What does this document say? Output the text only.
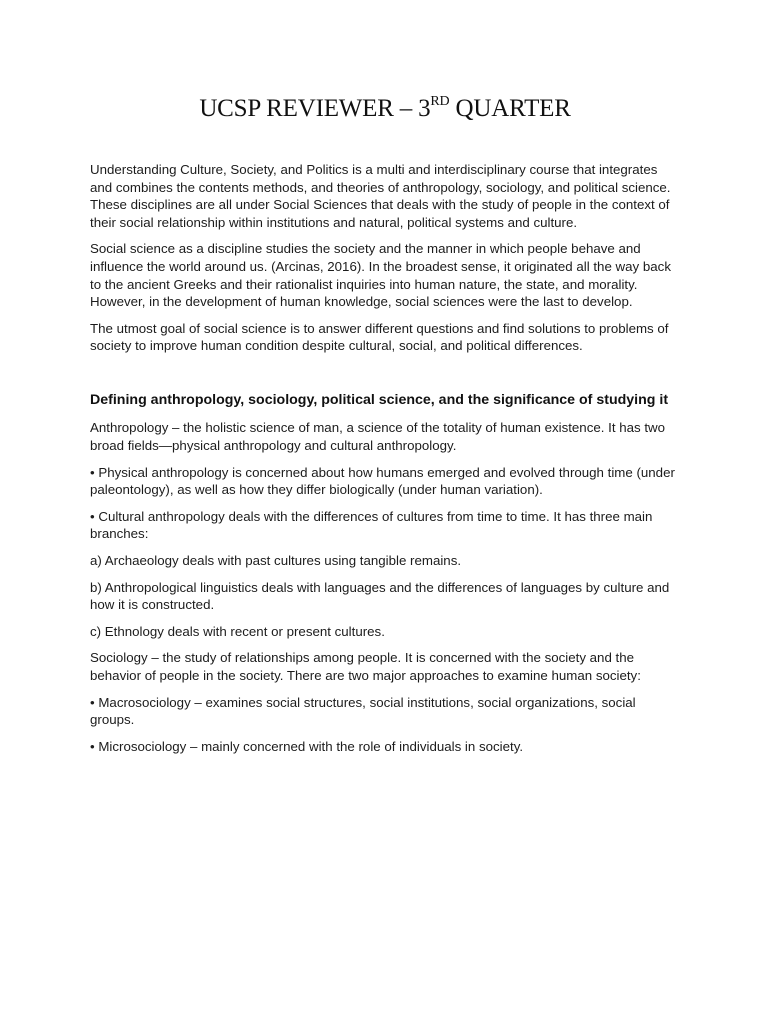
UCSP REVIEWER – 3RD QUARTER

Understanding Culture, Society, and Politics is a multi and interdisciplinary course that integrates and combines the contents methods, and theories of anthropology, sociology, and political science. These disciplines are all under Social Sciences that deals with the study of people in the context of their social relationship within institutions and natural, political systems and culture.

Social science as a discipline studies the society and the manner in which people behave and influence the world around us. (Arcinas, 2016). In the broadest sense, it originated all the way back to the ancient Greeks and their rationalist inquiries into human nature, the state, and morality. However, in the development of human knowledge, social sciences were the last to develop.

The utmost goal of social science is to answer different questions and find solutions to problems of society to improve human condition despite cultural, social, and political differences.

Defining anthropology, sociology, political science, and the significance of studying it

Anthropology – the holistic science of man, a science of the totality of human existence. It has two broad fields—physical anthropology and cultural anthropology.

• Physical anthropology is concerned about how humans emerged and evolved through time (under paleontology), as well as how they differ biologically (under human variation).

• Cultural anthropology deals with the differences of cultures from time to time. It has three main branches:

a) Archaeology deals with past cultures using tangible remains.

b) Anthropological linguistics deals with languages and the differences of languages by culture and how it is constructed.

c) Ethnology deals with recent or present cultures.

Sociology – the study of relationships among people. It is concerned with the society and the behavior of people in the society. There are two major approaches to examine human society:

• Macrosociology – examines social structures, social institutions, social organizations, social groups.

• Microsociology – mainly concerned with the role of individuals in society.
